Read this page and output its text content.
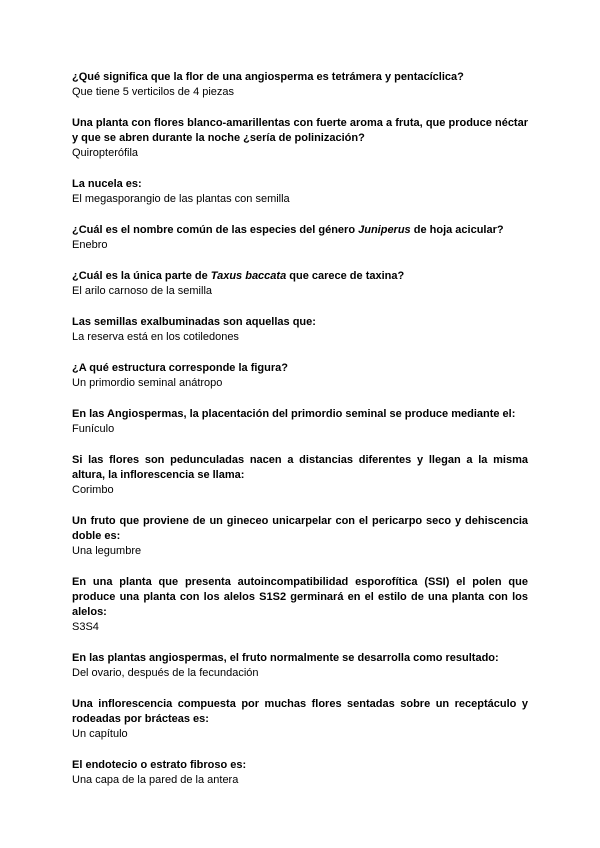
¿Qué significa que la flor de una angiosperma es tetrámera y pentacíclica?

Que tiene 5 verticilos de 4 piezas

Una planta con flores blanco-amarillentas con fuerte aroma a fruta, que produce néctar y que se abren durante la noche ¿sería de polinización?

Quiropterófila

La nucela es:

El megasporangio de las plantas con semilla

¿Cuál es el nombre común de las especies del género Juniperus de hoja acicular?

Enebro

¿Cuál es la única parte de Taxus baccata que carece de taxina?

El arilo carnoso de la semilla

Las semillas exalbuminadas son aquellas que:

La reserva está en los cotiledones

¿A qué estructura corresponde la figura?

Un primordio seminal anátropo

En las Angiospermas, la placentación del primordio seminal se produce mediante el:

Funículo

Si las flores son pedunculadas nacen a distancias diferentes y llegan a la misma altura, la inflorescencia se llama:

Corimbo

Un fruto que proviene de un gineceo unicarpelar con el pericarpo seco y dehiscencia doble es:

Una legumbre

En una planta que presenta autoincompatibilidad esporofítica (SSI) el polen que produce una planta con los alelos S1S2 germinará en el estilo de una planta con los alelos:

S3S4

En las plantas angiospermas, el fruto normalmente se desarrolla como resultado:

Del ovario, después de la fecundación

Una inflorescencia compuesta por muchas flores sentadas sobre un receptáculo y rodeadas por brácteas es:

Un capítulo

El endotecio o estrato fibroso es:

Una capa de la pared de la antera
